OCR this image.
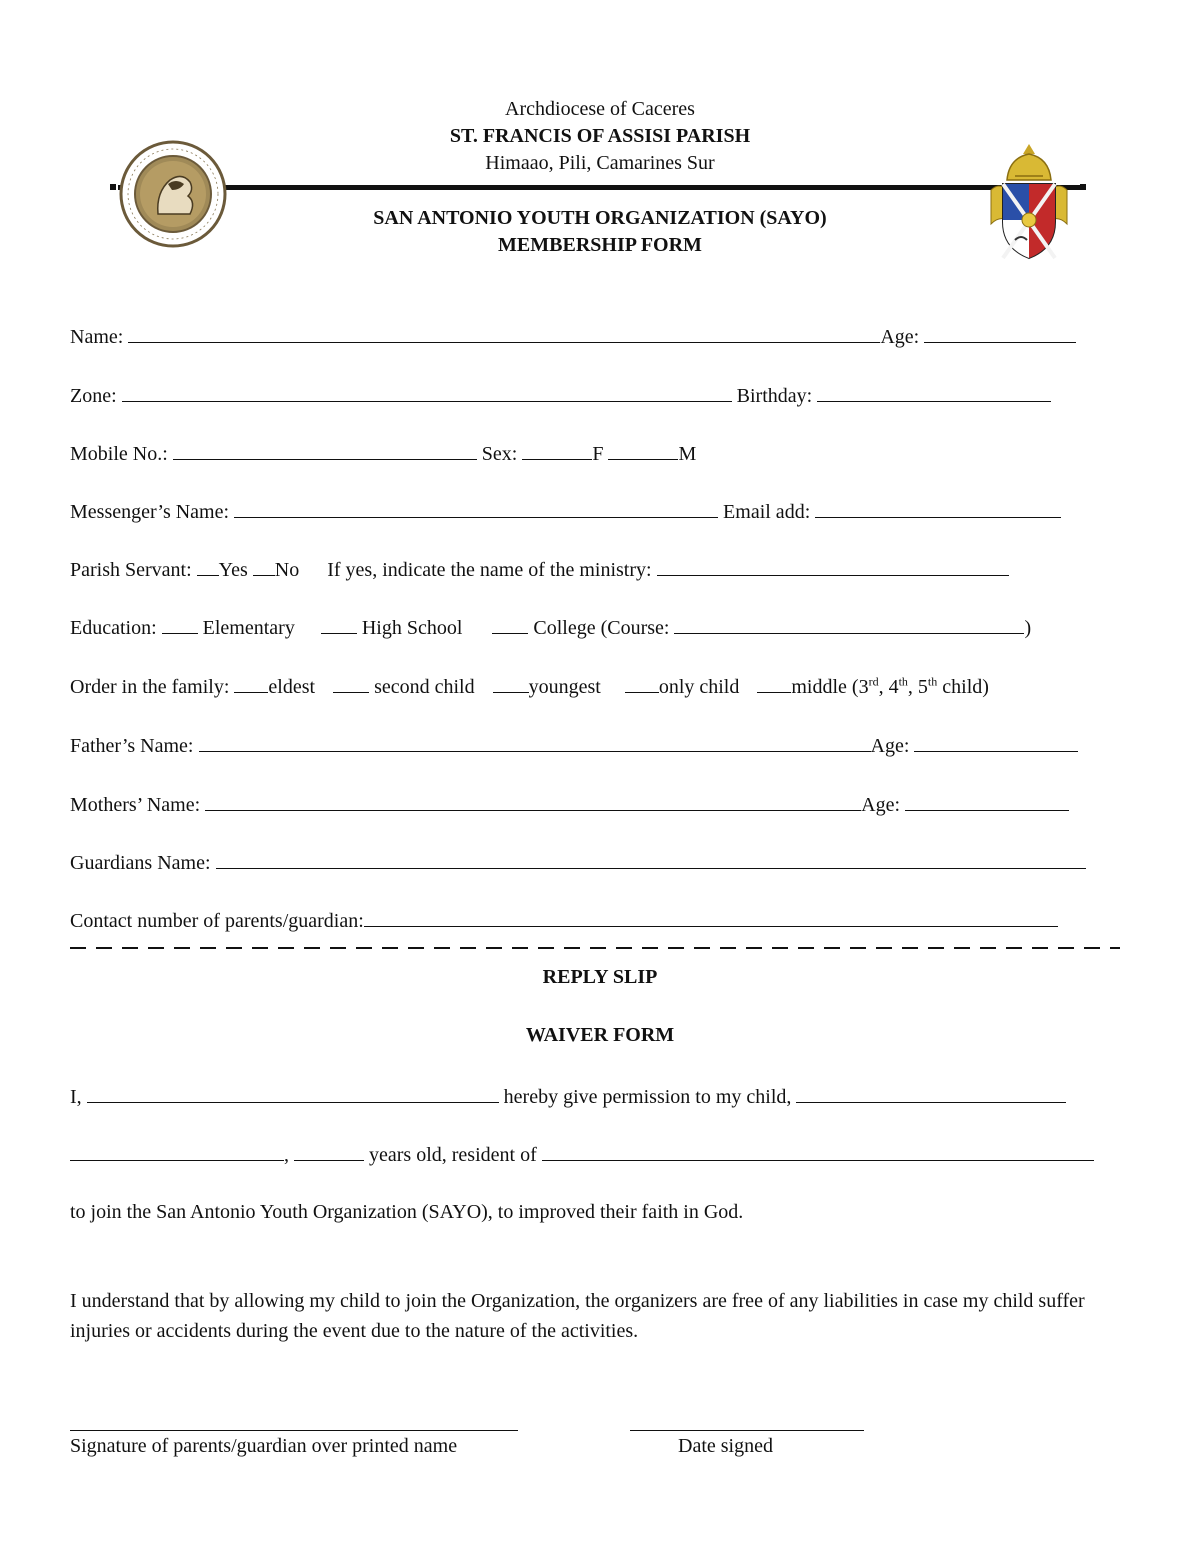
Archdiocese of Caceres
ST. FRANCIS OF ASSISI PARISH
Himaao, Pili, Camarines Sur
SAN ANTONIO YOUTH ORGANIZATION (SAYO)
MEMBERSHIP FORM
Name:	Age:
Zone:	Birthday:
Mobile No.:	Sex:	F	M
Messenger’s Name:	Email add:
Parish Servant: Yes No If yes, indicate the name of the ministry:
Education: Elementary	High School	College (Course:	)
Order in the family: eldest	second child	youngest	only child	middle (3rd, 4th, 5th child)
Father’s Name:	Age:
Mothers’ Name:	Age:
Guardians Name:
Contact number of parents/guardian:
REPLY SLIP
WAIVER FORM
I,	hereby give permission to my child,
,	years old, resident of
to join the San Antonio Youth Organization (SAYO), to improved their faith in God.
I understand that by allowing my child to join the Organization, the organizers are free of any liabilities in case my child suffer injuries or accidents during the event due to the nature of the activities.
Signature of parents/guardian over printed name	Date signed
